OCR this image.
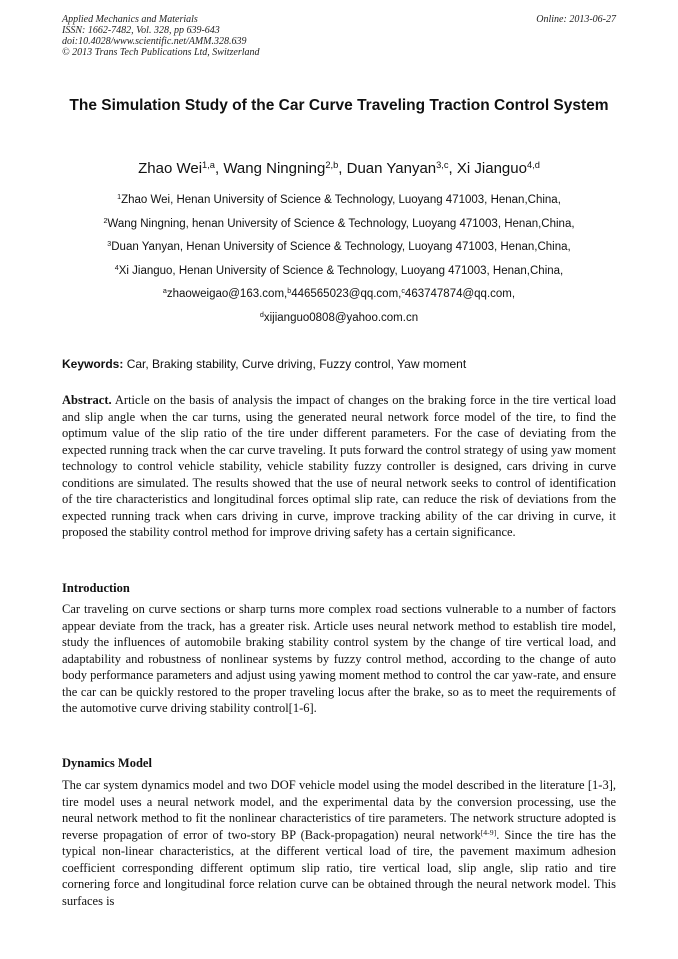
Applied Mechanics and Materials
ISSN: 1662-7482, Vol. 328, pp 639-643
doi:10.4028/www.scientific.net/AMM.328.639
© 2013 Trans Tech Publications Ltd, Switzerland
Online: 2013-06-27
The Simulation Study of the Car Curve Traveling Traction Control System
Zhao Wei$^{1,a}$, Wang Ningning$^{2,b}$, Duan Yanyan$^{3,c}$, Xi Jianguo$^{4,d}$
$^1$Zhao Wei, Henan University of Science & Technology, Luoyang 471003, Henan,China,
$^2$Wang Ningning, henan University of Science & Technology, Luoyang 471003, Henan,China,
$^3$Duan Yanyan, Henan University of Science & Technology, Luoyang 471003, Henan,China,
$^4$Xi Jianguo, Henan University of Science & Technology, Luoyang 471003, Henan,China,
$^a$zhaoweigao@163.com,$^b$446565023@qq.com,$^c$463747874@qq.com,
$^d$xijianguo0808@yahoo.com.cn
Keywords: Car, Braking stability, Curve driving, Fuzzy control, Yaw moment
Abstract. Article on the basis of analysis the impact of changes on the braking force in the tire vertical load and slip angle when the car turns, using the generated neural network force model of the tire, to find the optimum value of the slip ratio of the tire under different parameters. For the case of deviating from the expected running track when the car curve traveling. It puts forward the control strategy of using yaw moment technology to control vehicle stability, vehicle stability fuzzy controller is designed, cars driving in curve conditions are simulated. The results showed that the use of neural network seeks to control of identification of the tire characteristics and longitudinal forces optimal slip rate, can reduce the risk of deviations from the expected running track when cars driving in curve, improve tracking ability of the car driving in curve, it proposed the stability control method for improve driving safety has a certain significance.
Introduction
Car traveling on curve sections or sharp turns more complex road sections vulnerable to a number of factors appear deviate from the track, has a greater risk. Article uses neural network method to establish tire model, study the influences of automobile braking stability control system by the change of tire vertical load, and adaptability and robustness of nonlinear systems by fuzzy control method, according to the change of auto body performance parameters and adjust using yawing moment method to control the car yaw-rate, and ensure the car can be quickly restored to the proper traveling locus after the brake, so as to meet the requirements of the automotive curve driving stability control[1-6].
Dynamics Model
The car system dynamics model and two DOF vehicle model using the model described in the literature [1-3], tire model uses a neural network model, and the experimental data by the conversion processing, use the neural network method to fit the nonlinear characteristics of tire parameters. The network structure adopted is reverse propagation of error of two-story BP (Back-propagation) neural network[4-9]. Since the tire has the typical non-linear characteristics, at the different vertical load of tire, the pavement maximum adhesion coefficient corresponding different optimum slip ratio, tire vertical load, slip angle, slip ratio and tire cornering force and longitudinal force relation curve can be obtained through the neural network model. This surfaces is
